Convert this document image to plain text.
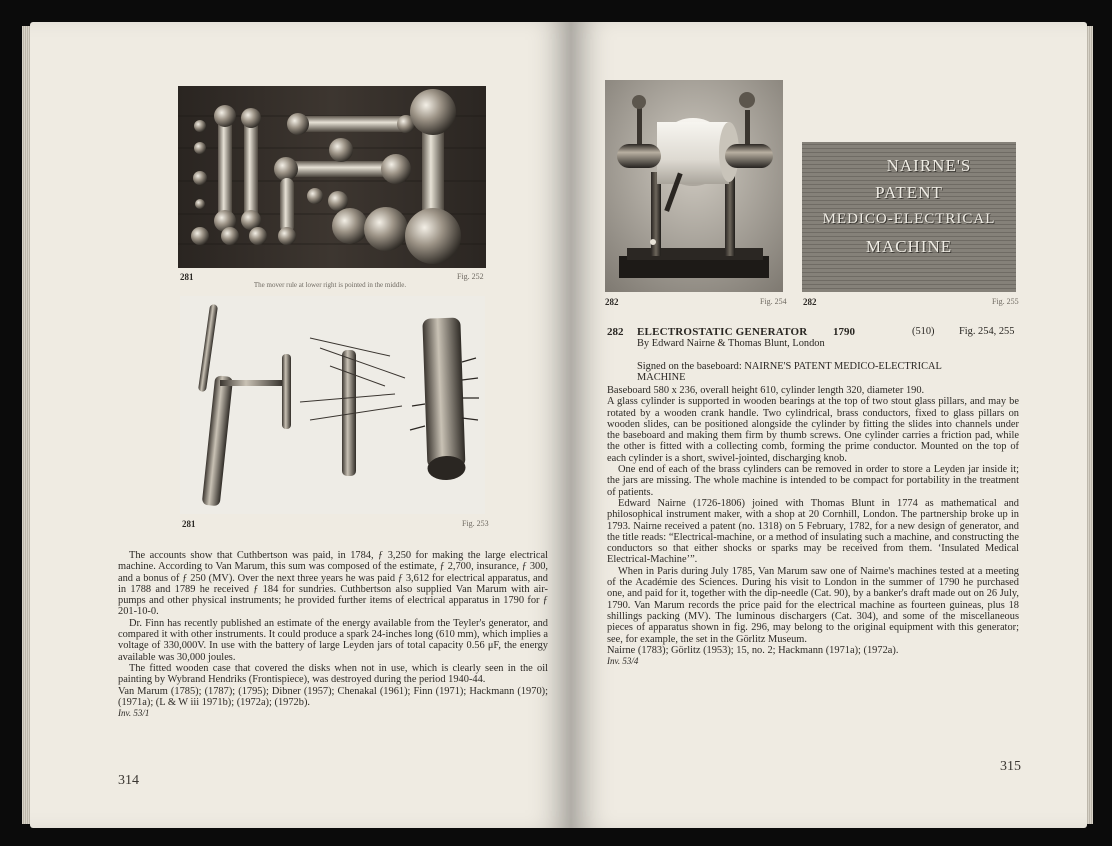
281
The mover rule at lower right is pointed in the middle.
Fig. 252
281	Fig. 253

The accounts show that Cuthbertson was paid, in 1784, ƒ 3,250 for making the large electrical machine. According to Van Marum, this sum was composed of the estimate, ƒ 2,700, insurance, ƒ 300, and a bonus of ƒ 250 (MV). Over the next three years he was paid ƒ 3,612 for electrical apparatus, and in 1788 and 1789 he received ƒ 184 for sundries. Cuthbertson also supplied Van Marum with air-pumps and other physical instruments; he provided further items of electrical apparatus in 1790 for ƒ 201-10-0.

Dr. Finn has recently published an estimate of the energy available from the Teyler's generator, and compared it with other instruments. It could produce a spark 24-inches long (610 mm), which implies a voltage of 330,000V. In use with the battery of large Leyden jars of total capacity 0.56 μF, the energy available was 30,000 joules.

The fitted wooden case that covered the disks when not in use, which is clearly seen in the oil painting by Wybrand Hendriks (Frontispiece), was destroyed during the period 1940-44.

Van Marum (1785); (1787); (1795); Dibner (1957); Chenakal (1961); Finn (1971); Hackmann (1970); (1971a); (L & W iii 1971b); (1972a); (1972b).

Inv. 53/1

314
282	Fig. 254
NAIRNE'S
PATENT
MEDICO-ELECTRICAL
MACHINE
282	Fig. 255
282 ELECTROSTATIC GENERATOR 1790	(510) Fig. 254, 255
By Edward Nairne & Thomas Blunt, London
Signed on the baseboard: NAIRNE'S PATENT MEDICO-ELECTRICAL
MACHINE

Baseboard 580 x 236, overall height 610, cylinder length 320, diameter 190.

A glass cylinder is supported in wooden bearings at the top of two stout glass pillars, and may be rotated by a wooden crank handle. Two cylindrical, brass conductors, fixed to glass pillars on wooden slides, can be positioned alongside the cylinder by fitting the slides into channels under the baseboard and making them firm by thumb screws. One cylinder carries a friction pad, while the other is fitted with a collecting comb, forming the prime conductor. Mounted on the top of each cylinder is a short, swivel-jointed, discharging knob.

One end of each of the brass cylinders can be removed in order to store a Leyden jar inside it; the jars are missing. The whole machine is intended to be compact for portability in the treatment of patients.

Edward Nairne (1726-1806) joined with Thomas Blunt in 1774 as mathematical and philosophical instrument maker, with a shop at 20 Cornhill, London. The partnership broke up in 1793. Nairne received a patent (no. 1318) on 5 February, 1782, for a new design of generator, and the title reads: “Electrical-machine, or a method of insulating such a machine, and constructing the conductors so that either shocks or sparks may be received from them. ‘Insulated Medical Electrical-Machine’”.

When in Paris during July 1785, Van Marum saw one of Nairne's machines tested at a meeting of the Académie des Sciences. During his visit to London in the summer of 1790 he purchased one, and paid for it, together with the dip-needle (Cat. 90), by a banker's draft made out on 26 July, 1790. Van Marum records the price paid for the electrical machine as fourteen guineas, plus 18 shillings packing (MV). The luminous dischargers (Cat. 304), and some of the miscellaneous pieces of apparatus shown in fig. 296, may belong to the original equipment with this generator; see, for example, the set in the Görlitz Museum.

Nairne (1783); Görlitz (1953); 15, no. 2; Hackmann (1971a); (1972a).

Inv. 53/4

315
